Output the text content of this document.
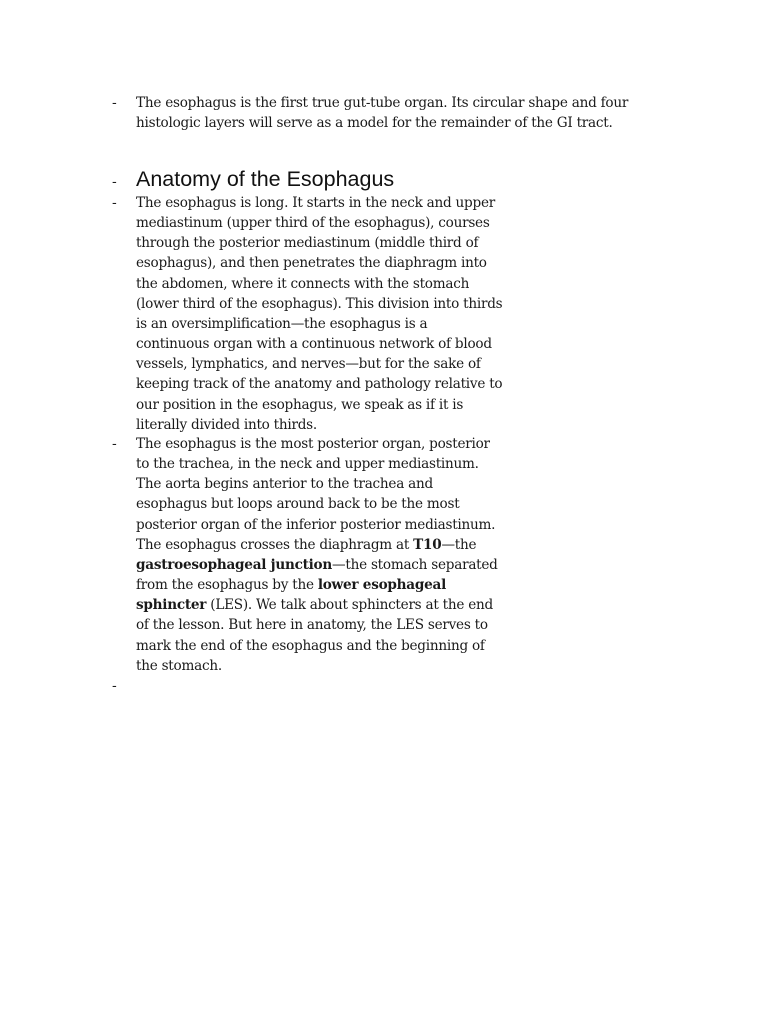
-	The esophagus is the first true gut-tube organ. Its circular shape and four histologic layers will serve as a model for the remainder of the GI tract.
- Anatomy of the Esophagus
-	The esophagus is long. It starts in the neck and upper mediastinum (upper third of the esophagus), courses through the posterior mediastinum (middle third of esophagus), and then penetrates the diaphragm into the abdomen, where it connects with the stomach (lower third of the esophagus). This division into thirds is an oversimplification—the esophagus is a continuous organ with a continuous network of blood vessels, lymphatics, and nerves—but for the sake of keeping track of the anatomy and pathology relative to our position in the esophagus, we speak as if it is literally divided into thirds.
-	The esophagus is the most posterior organ, posterior to the trachea, in the neck and upper mediastinum. The aorta begins anterior to the trachea and esophagus but loops around back to be the most posterior organ of the inferior posterior mediastinum. The esophagus crosses the diaphragm at T10—the gastroesophageal junction—the stomach separated from the esophagus by the lower esophageal sphincter (LES). We talk about sphincters at the end of the lesson. But here in anatomy, the LES serves to mark the end of the esophagus and the beginning of the stomach.
-
